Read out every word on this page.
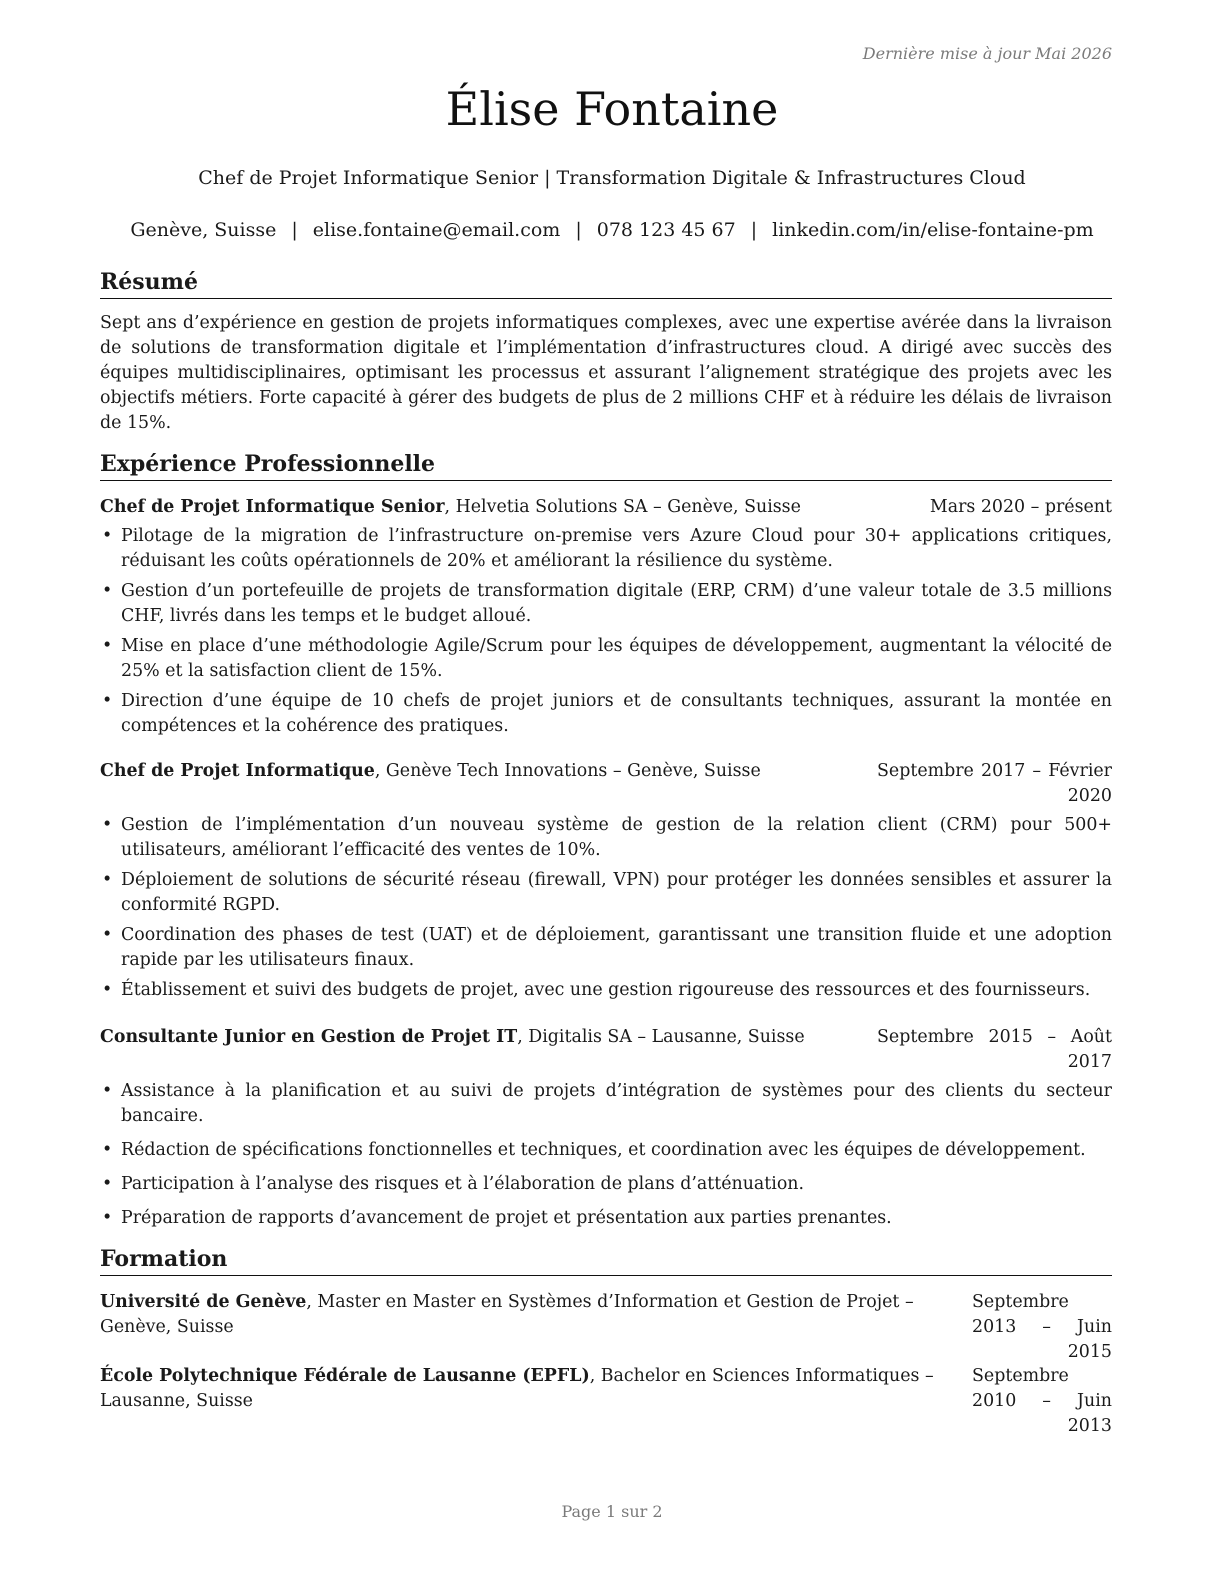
Dernière mise à jour Mai 2026
Élise Fontaine
Chef de Projet Informatique Senior | Transformation Digitale & Infrastructures Cloud
Genève, Suisse | elise.fontaine@email.com | 078 123 45 67 | linkedin.com/in/elise-fontaine-pm
Résumé

Sept ans d’expérience en gestion de projets informatiques complexes, avec une expertise avérée dans la livraison de solutions de transformation digitale et l’implémentation d’infrastructures cloud. A dirigé avec succès des équipes multidisciplinaires, optimisant les processus et assurant l’alignement stratégique des projets avec les objectifs métiers. Forte capacité à gérer des budgets de plus de 2 millions CHF et à réduire les délais de livraison de 15%.

Expérience Professionnelle
Chef de Projet Informatique Senior, Helvetia Solutions SA – Genève, Suisse	Mars 2020 – présent
• Pilotage de la migration de l’infrastructure on-premise vers Azure Cloud pour 30+ applications critiques, réduisant les coûts opérationnels de 20% et améliorant la résilience du système.
• Gestion d’un portefeuille de projets de transformation digitale (ERP, CRM) d’une valeur totale de 3.5 millions CHF, livrés dans les temps et le budget alloué.
• Mise en place d’une méthodologie Agile/Scrum pour les équipes de développement, augmentant la vélocité de 25% et la satisfaction client de 15%.
• Direction d’une équipe de 10 chefs de projet juniors et de consultants techniques, assurant la montée en compétences et la cohérence des pratiques.
Chef de Projet Informatique, Genève Tech Innovations – Genève, Suisse	Septembre 2017 – Février 2020
• Gestion de l’implémentation d’un nouveau système de gestion de la relation client (CRM) pour 500+ utilisateurs, améliorant l’efficacité des ventes de 10%.
• Déploiement de solutions de sécurité réseau (firewall, VPN) pour protéger les données sensibles et assurer la conformité RGPD.
• Coordination des phases de test (UAT) et de déploiement, garantissant une transition fluide et une adoption rapide par les utilisateurs finaux.
• Établissement et suivi des budgets de projet, avec une gestion rigoureuse des ressources et des fournisseurs.
Consultante Junior en Gestion de Projet IT, Digitalis SA – Lausanne, Suisse	Septembre 2015 – Août 2017
• Assistance à la planification et au suivi de projets d’intégration de systèmes pour des clients du secteur bancaire.
• Rédaction de spécifications fonctionnelles et techniques, et coordination avec les équipes de développement.
• Participation à l’analyse des risques et à l’élaboration de plans d’atténuation.
• Préparation de rapports d’avancement de projet et présentation aux parties prenantes.
Formation
Université de Genève, Master en Master en Systèmes d’Information et Gestion de Projet – Genève, Suisse
Septembre 2013 – Juin 2015
École Polytechnique Fédérale de Lausanne (EPFL), Bachelor en Sciences Informatiques – Lausanne, Suisse
Septembre 2010 – Juin 2013
Page 1 sur 2
